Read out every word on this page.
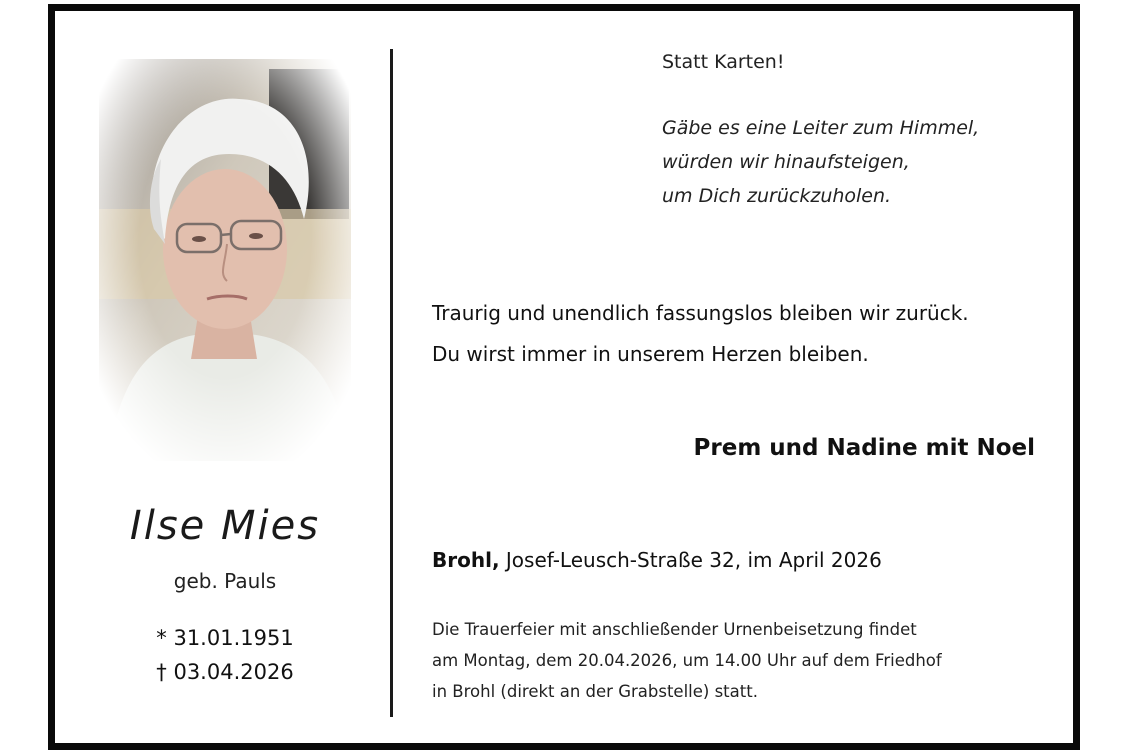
Ilse Mies
geb. Pauls
* 31.01.1951
† 03.04.2026
Statt Karten!
Gäbe es eine Leiter zum Himmel,
würden wir hinaufsteigen,
um Dich zurückzuholen.
Traurig und unendlich fassungslos bleiben wir zurück.
Du wirst immer in unserem Herzen bleiben.
Prem und Nadine mit Noel
Brohl, Josef-Leusch-Straße 32, im April 2026
Die Trauerfeier mit anschließender Urnenbeisetzung findet
am Montag, dem 20.04.2026, um 14.00 Uhr auf dem Friedhof
in Brohl (direkt an der Grabstelle) statt.
